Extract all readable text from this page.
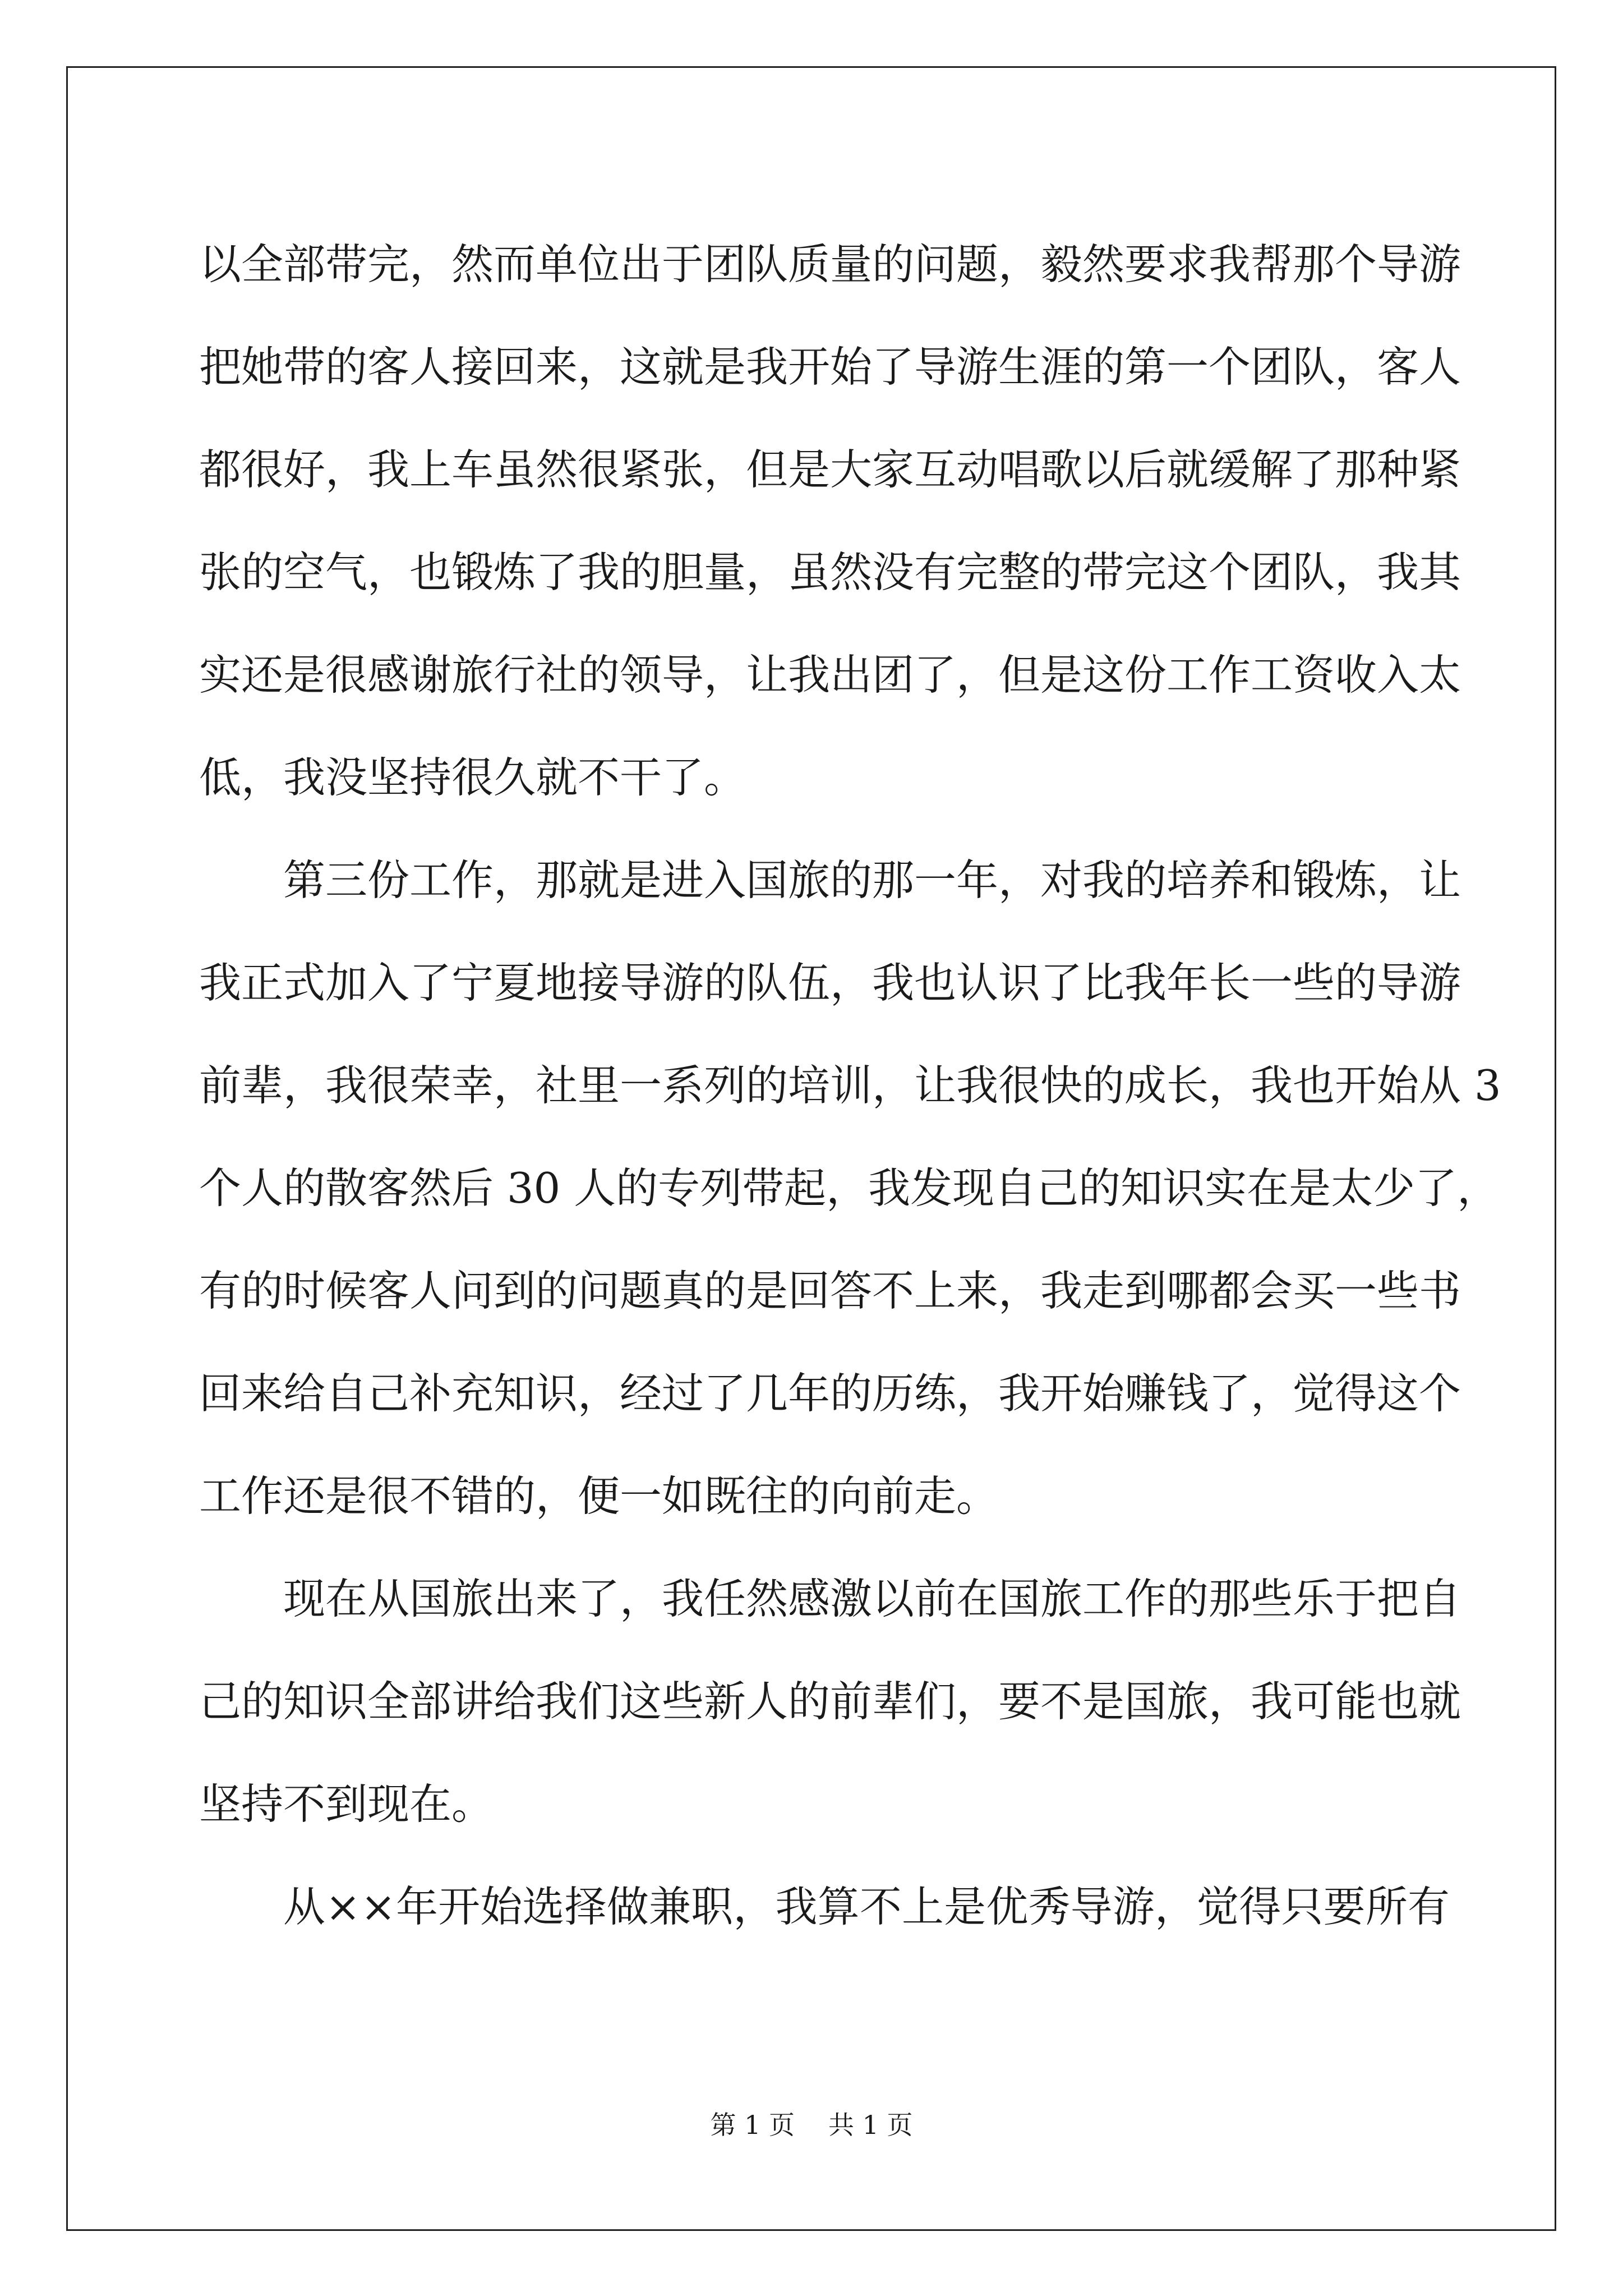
以全部带完，然而单位出于团队质量的问题，毅然要求我帮那个导游
把她带的客人接回来，这就是我开始了导游生涯的第一个团队，客人
都很好，我上车虽然很紧张，但是大家互动唱歌以后就缓解了那种紧
张的空气，也锻炼了我的胆量，虽然没有完整的带完这个团队，我其
实还是很感谢旅行社的领导，让我出团了，但是这份工作工资收入太
低，我没坚持很久就不干了。
第三份工作，那就是进入国旅的那一年，对我的培养和锻炼，让
我正式加入了宁夏地接导游的队伍，我也认识了比我年长一些的导游
前辈，我很荣幸，社里一系列的培训，让我很快的成长，我也开始从 3
个人的散客然后 30 人的专列带起，我发现自己的知识实在是太少了，
有的时候客人问到的问题真的是回答不上来，我走到哪都会买一些书
回来给自己补充知识，经过了几年的历练，我开始赚钱了，觉得这个
工作还是很不错的，便一如既往的向前走。
现在从国旅出来了，我任然感激以前在国旅工作的那些乐于把自
己的知识全部讲给我们这些新人的前辈们，要不是国旅，我可能也就
坚持不到现在。
从××年开始选择做兼职，我算不上是优秀导游，觉得只要所有
第 1 页 共 1 页
